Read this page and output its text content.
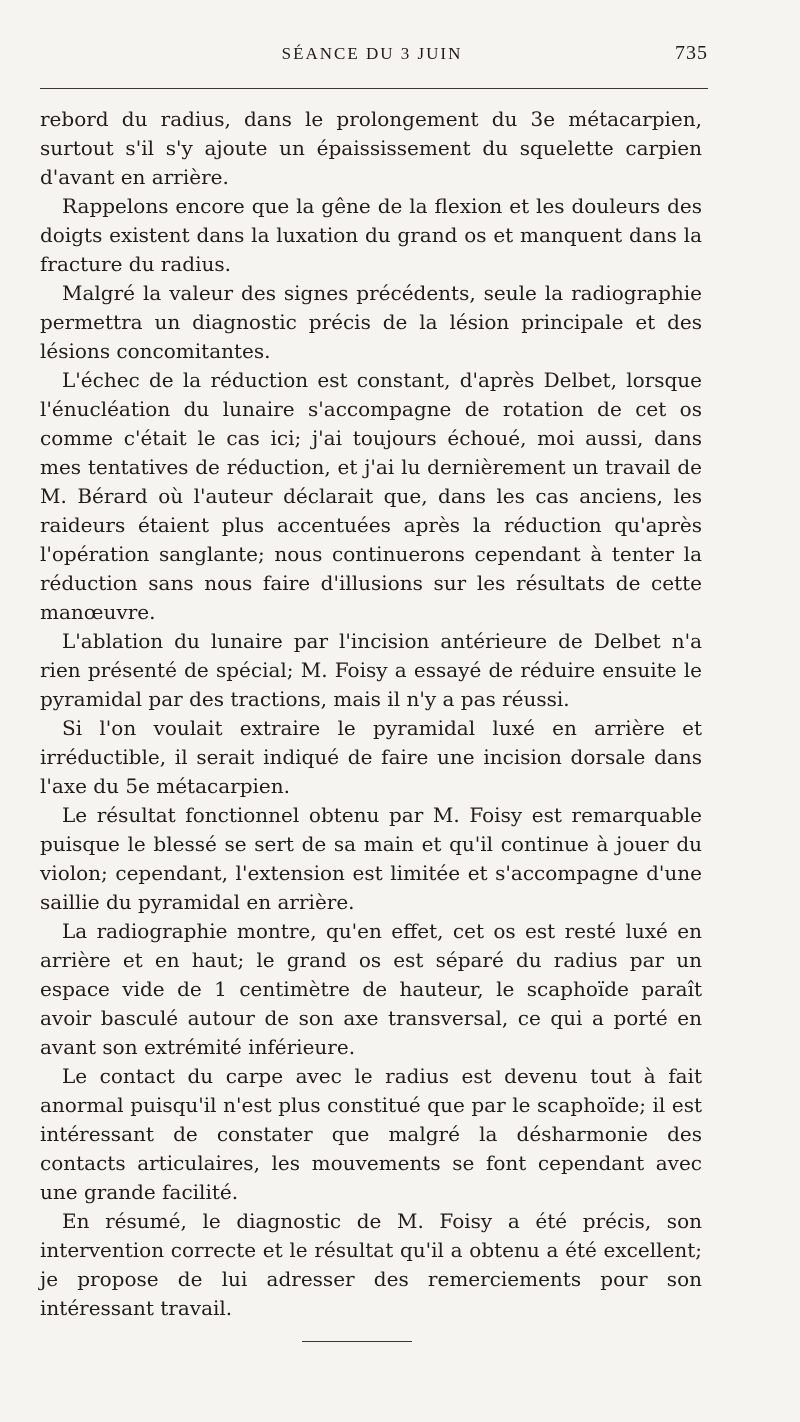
SÉANCE DU 3 JUIN	735

rebord du radius, dans le prolongement du 3e métacarpien, surtout s'il s'y ajoute un épaississement du squelette carpien d'avant en arrière.

Rappelons encore que la gêne de la flexion et les douleurs des doigts existent dans la luxation du grand os et manquent dans la fracture du radius.

Malgré la valeur des signes précédents, seule la radiographie permettra un diagnostic précis de la lésion principale et des lésions concomitantes.

L'échec de la réduction est constant, d'après Delbet, lorsque l'énucléation du lunaire s'accompagne de rotation de cet os comme c'était le cas ici; j'ai toujours échoué, moi aussi, dans mes tentatives de réduction, et j'ai lu dernièrement un travail de M. Bérard où l'auteur déclarait que, dans les cas anciens, les raideurs étaient plus accentuées après la réduction qu'après l'opération sanglante; nous continuerons cependant à tenter la réduction sans nous faire d'illusions sur les résultats de cette manœuvre.

L'ablation du lunaire par l'incision antérieure de Delbet n'a rien présenté de spécial; M. Foisy a essayé de réduire ensuite le pyramidal par des tractions, mais il n'y a pas réussi.

Si l'on voulait extraire le pyramidal luxé en arrière et irréductible, il serait indiqué de faire une incision dorsale dans l'axe du 5e métacarpien.

Le résultat fonctionnel obtenu par M. Foisy est remarquable puisque le blessé se sert de sa main et qu'il continue à jouer du violon; cependant, l'extension est limitée et s'accompagne d'une saillie du pyramidal en arrière.

La radiographie montre, qu'en effet, cet os est resté luxé en arrière et en haut; le grand os est séparé du radius par un espace vide de 1 centimètre de hauteur, le scaphoïde paraît avoir basculé autour de son axe transversal, ce qui a porté en avant son extrémité inférieure.

Le contact du carpe avec le radius est devenu tout à fait anormal puisqu'il n'est plus constitué que par le scaphoïde; il est intéressant de constater que malgré la désharmonie des contacts articulaires, les mouvements se font cependant avec une grande facilité.

En résumé, le diagnostic de M. Foisy a été précis, son intervention correcte et le résultat qu'il a obtenu a été excellent; je propose de lui adresser des remerciements pour son intéressant travail.
